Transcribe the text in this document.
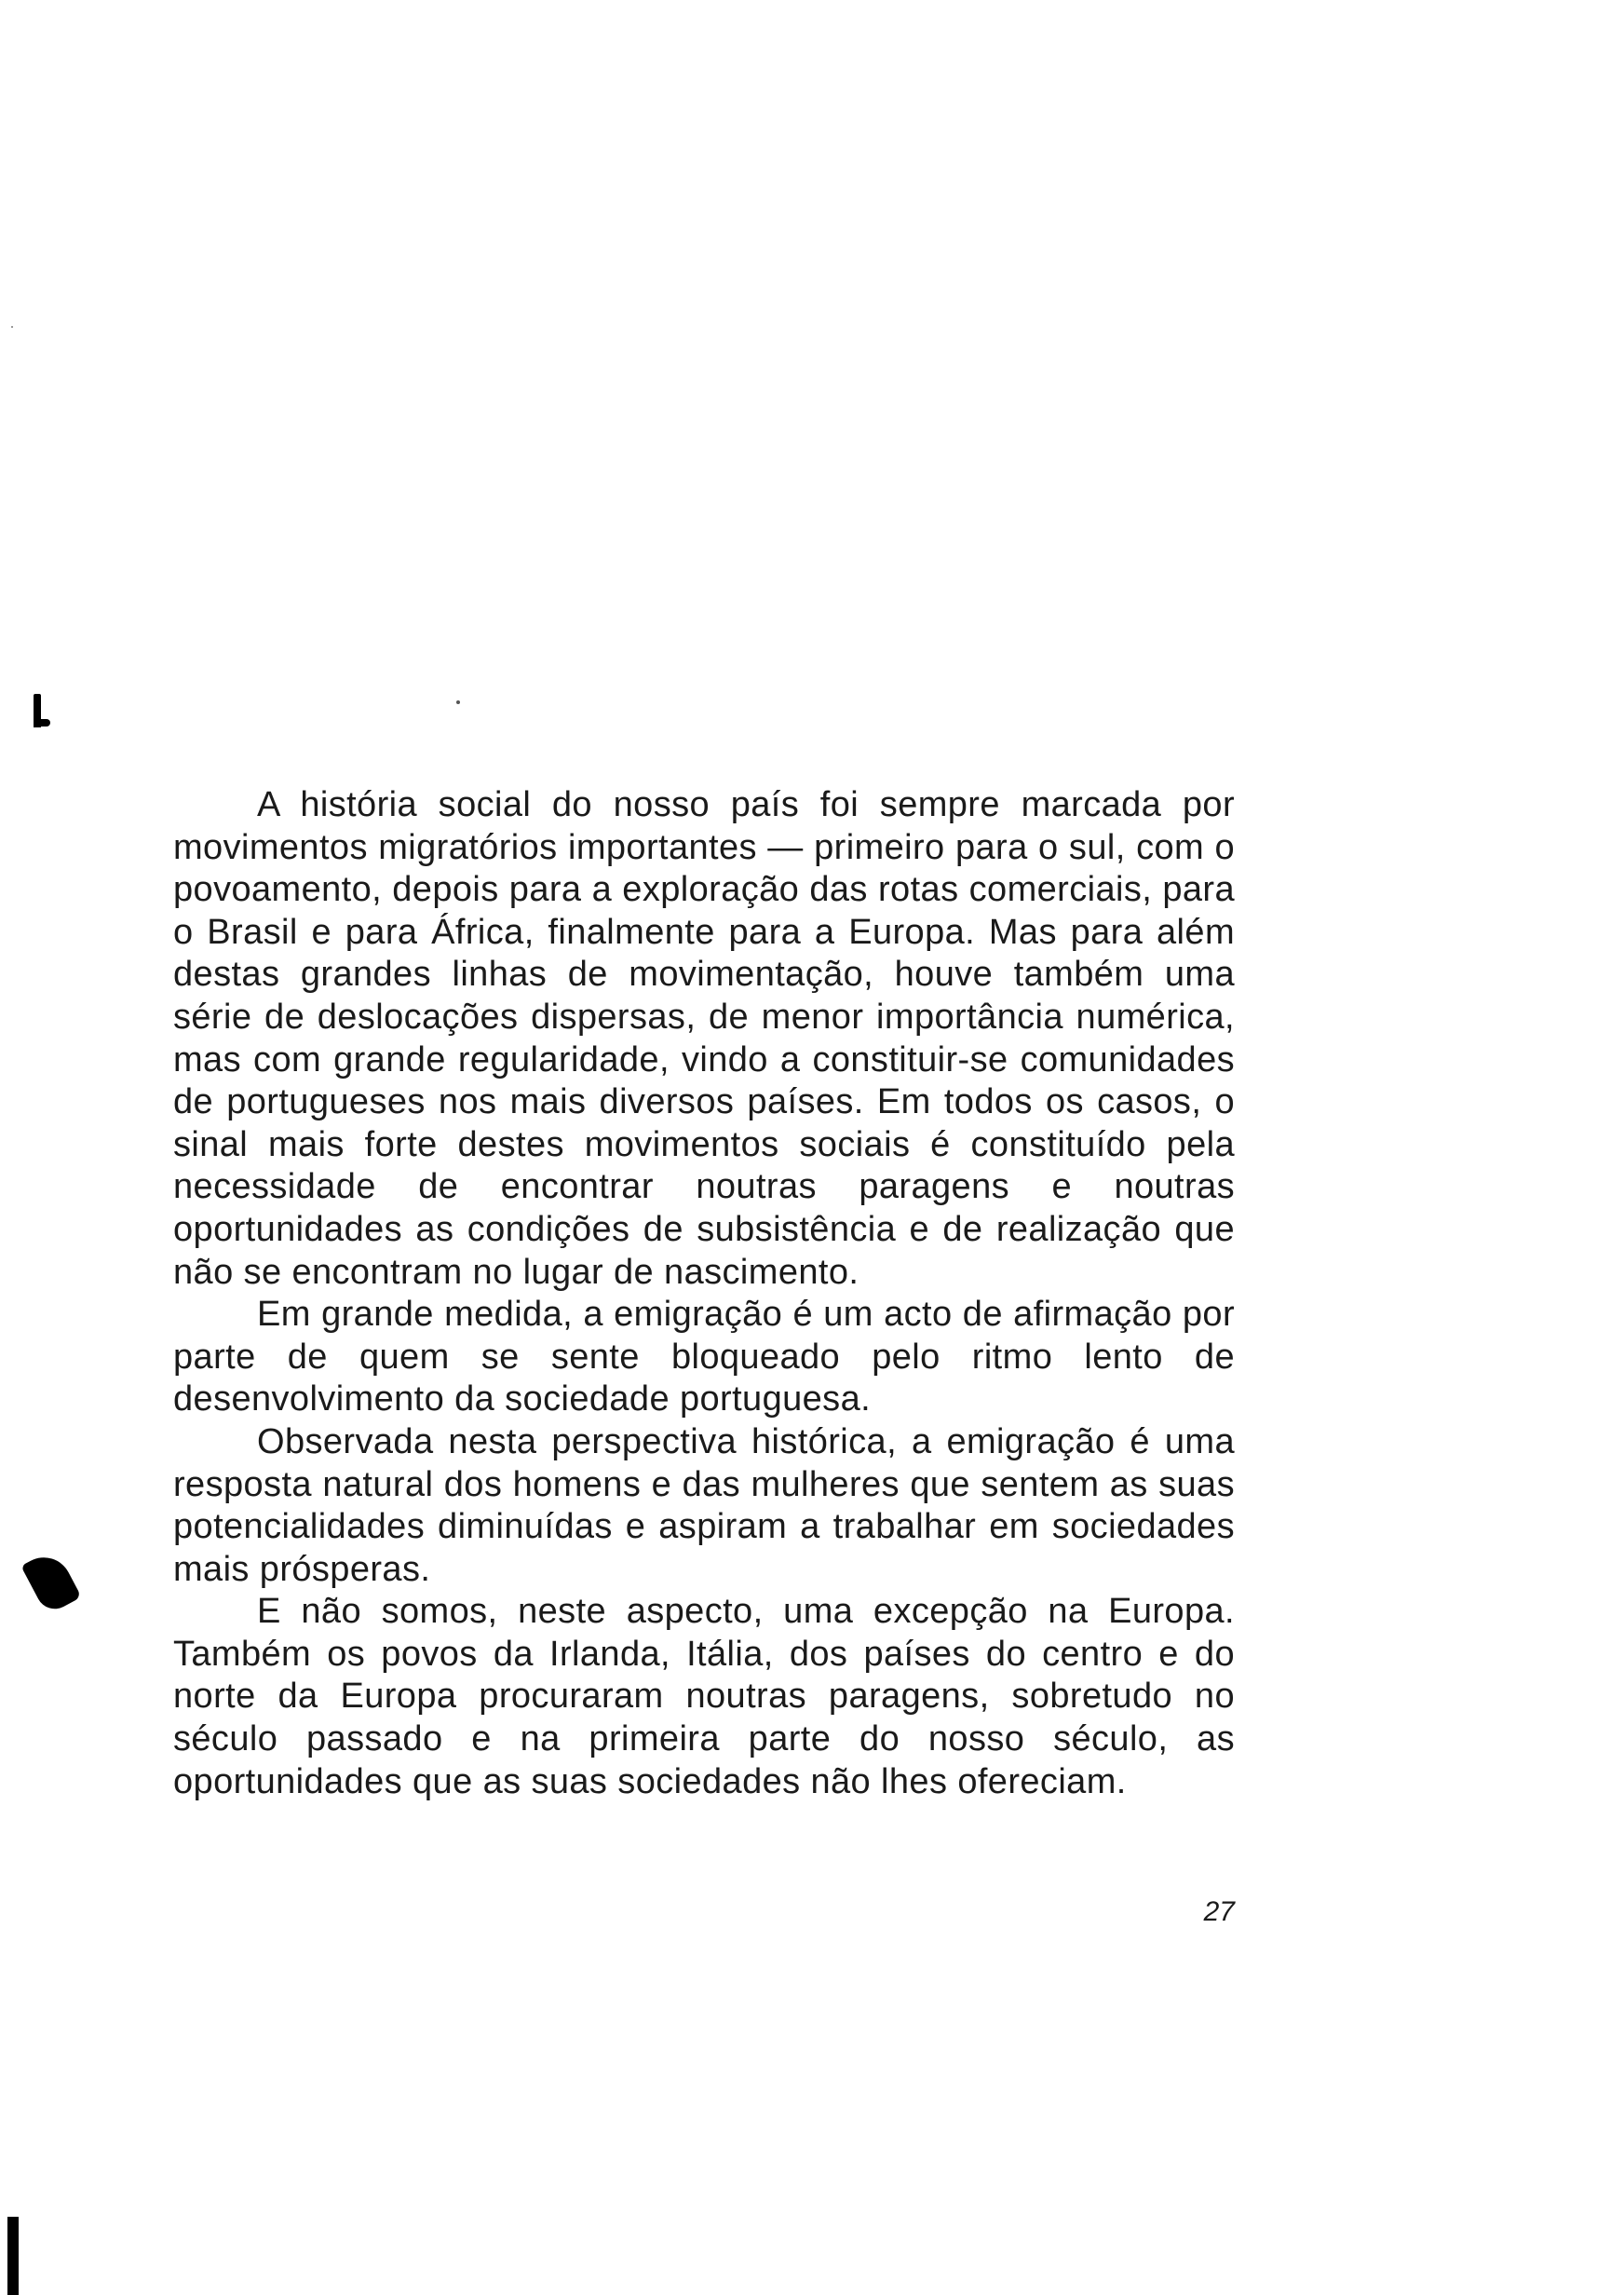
A história social do nosso país foi sempre marcada por movimentos migratórios importantes — primeiro para o sul, com o povoamento, depois para a exploração das rotas comerciais, para o Brasil e para África, finalmente para a Europa. Mas para além destas grandes linhas de movimentação, houve também uma série de deslocações dispersas, de menor importância numérica, mas com grande regularidade, vindo a constituir-se comunidades de portugueses nos mais diversos países. Em todos os casos, o sinal mais forte destes movimentos sociais é constituído pela necessidade de encontrar noutras paragens e noutras oportunidades as condições de subsistência e de realização que não se encontram no lugar de nascimento.

Em grande medida, a emigração é um acto de afirmação por parte de quem se sente bloqueado pelo ritmo lento de desenvolvimento da sociedade portuguesa.

Observada nesta perspectiva histórica, a emigração é uma resposta natural dos homens e das mulheres que sentem as suas potencialidades diminuídas e aspiram a trabalhar em sociedades mais prósperas.

E não somos, neste aspecto, uma excepção na Europa. Também os povos da Irlanda, Itália, dos países do centro e do norte da Europa procuraram noutras paragens, sobretudo no século passado e na primeira parte do nosso século, as oportunidades que as suas sociedades não lhes ofereciam.

27
